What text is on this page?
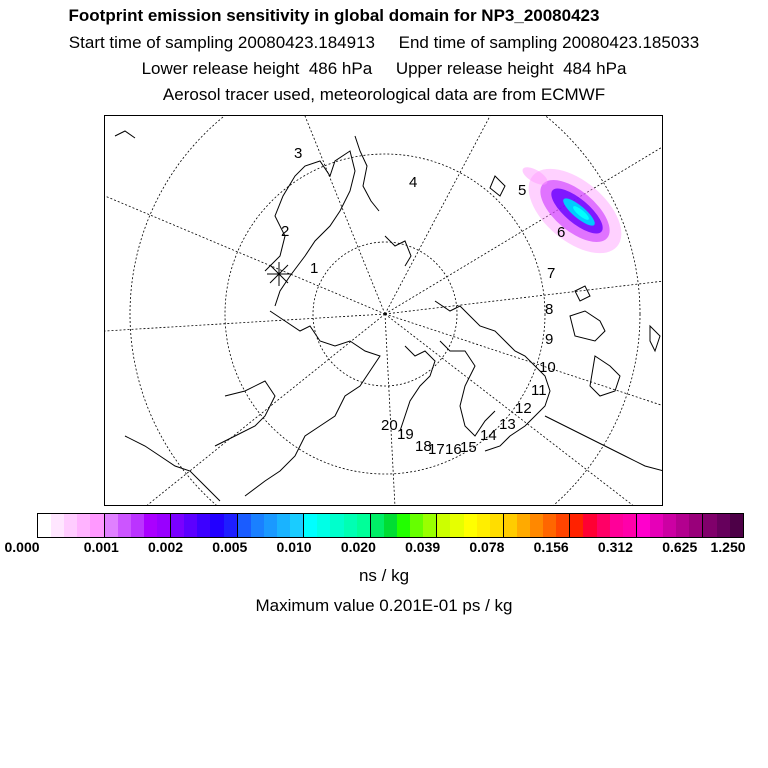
Footprint emission sensitivity in global domain for NP3_20080423
Start time of sampling 20080423.184913 End time of sampling 20080423.185033
Lower release height  486 hPa Upper release height  484 hPa
Aerosol tracer used, meteorological data are from ECMWF
1
2
3
4	5
6
7
8
9
10
11
12
13
14
15
16
17
18
19
20
0.000	0.001 0.002 0.005 0.010 0.020 0.039 0.078 0.156 0.312 0.625 1.250
ns / kg
Maximum value 0.201E-01 ps / kg
